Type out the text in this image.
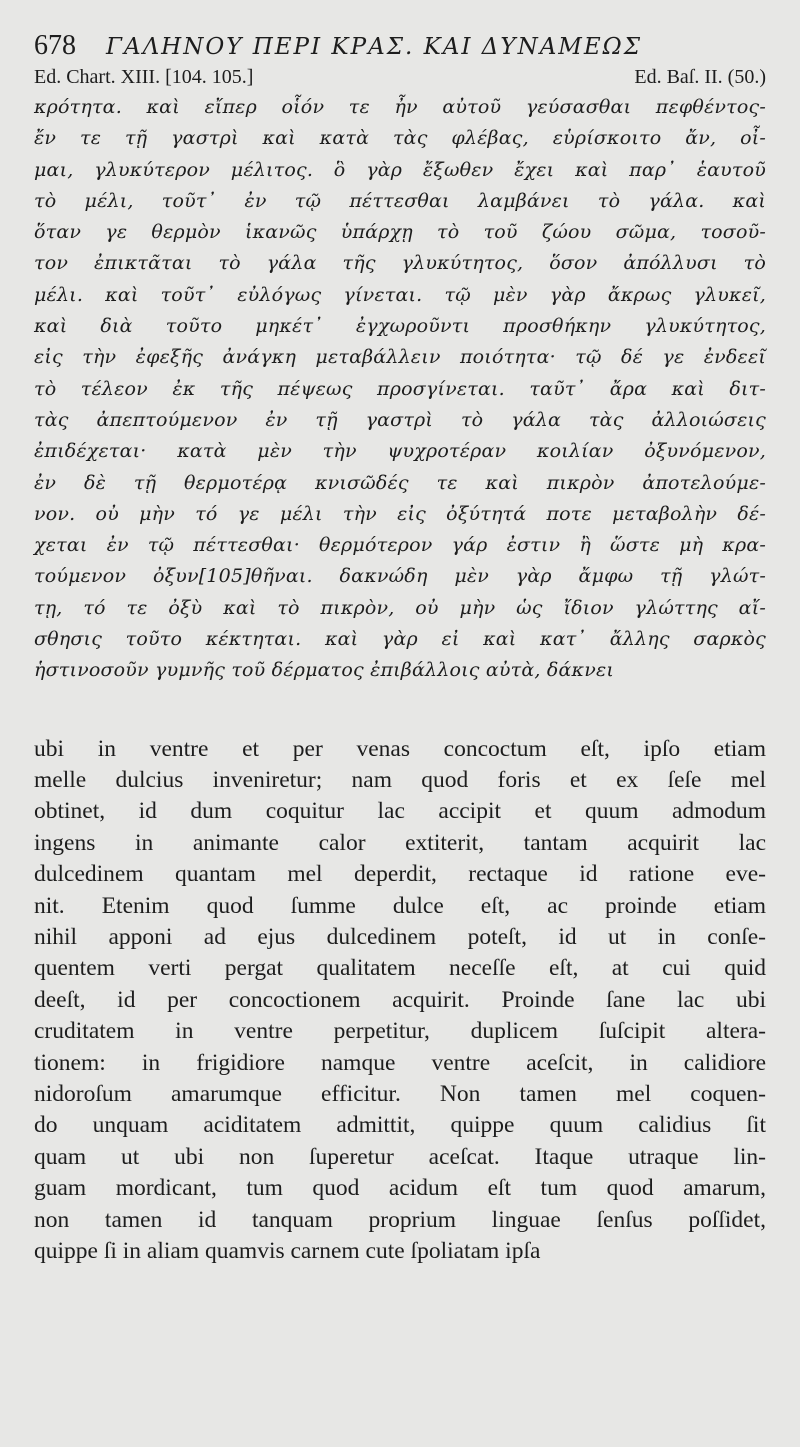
678 ΓΑΛΗΝΟΥ ΠΕΡΙ ΚΡΑΣ. ΚΑΙ ΔΥΝΑΜΕΩΣ
Ed. Chart. XIII. [104. 105.]	Ed. Baſ. II. (50.)
κρότητα. καὶ εἴπερ οἷόν τε ἦν αὐτοῦ γεύσασθαι πεφθέντος-
ἔν τε τῇ γαστρὶ καὶ κατὰ τὰς φλέβας, εὑρίσκοιτο ἄν, οἶ-
μαι, γλυκύτερον μέλιτος. ὃ γὰρ ἔξωθεν ἔχει καὶ παρ᾽ ἑαυτοῦ
τὸ μέλι, τοῦτ᾽ ἐν τῷ πέττεσθαι λαμβάνει τὸ γάλα. καὶ
ὅταν γε θερμὸν ἱκανῶς ὑπάρχῃ τὸ τοῦ ζώου σῶμα, τοσοῦ-
τον ἐπικτᾶται τὸ γάλα τῆς γλυκύτητος, ὅσον ἀπόλλυσι τὸ
μέλι. καὶ τοῦτ᾽ εὐλόγως γίνεται. τῷ μὲν γὰρ ἄκρως γλυκεῖ,
καὶ διὰ τοῦτο μηκέτ᾽ ἐγχωροῦντι προσθήκην γλυκύτητος,
εἰς τὴν ἐφεξῆς ἀνάγκη μεταβάλλειν ποιότητα· τῷ δέ γε ἐνδεεῖ
τὸ τέλεον ἐκ τῆς πέψεως προσγίνεται. ταῦτ᾽ ἄρα καὶ διτ-
τὰς ἀπεπτούμενον ἐν τῇ γαστρὶ τὸ γάλα τὰς ἀλλοιώσεις
ἐπιδέχεται· κατὰ μὲν τὴν ψυχροτέραν κοιλίαν ὀξυνόμενον,
ἐν δὲ τῇ θερμοτέρᾳ κνισῶδές τε καὶ πικρὸν ἀποτελούμε-
νον. οὐ μὴν τό γε μέλι τὴν εἰς ὀξύτητά ποτε μεταβολὴν δέ-
χεται ἐν τῷ πέττεσθαι· θερμότερον γάρ ἐστιν ἢ ὥστε μὴ κρα-
τούμενον ὀξυν[105]θῆναι. δακνώδη μὲν γὰρ ἄμφω τῇ γλώτ-
τῃ, τό τε ὀξὺ καὶ τὸ πικρὸν, οὐ μὴν ὡς ἴδιον γλώττης αἴ-
σθησις τοῦτο κέκτηται. καὶ γὰρ εἰ καὶ κατ᾽ ἄλλης σαρκὸς
ἡστινοσοῦν γυμνῆς τοῦ δέρματος ἐπιβάλλοις αὐτὰ, δάκνει
ubi in ventre et per venas concoctum eſt, ipſo etiam
melle dulcius inveniretur; nam quod foris et ex ſeſe mel
obtinet, id dum coquitur lac accipit et quum admodum
ingens in animante calor extiterit, tantam acquirit lac
dulcedinem quantam mel deperdit, rectaque id ratione eve-
nit. Etenim quod ſumme dulce eſt, ac proinde etiam
nihil apponi ad ejus dulcedinem poteſt, id ut in conſe-
quentem verti pergat qualitatem neceſſe eſt, at cui quid
deeſt, id per concoctionem acquirit. Proinde ſane lac ubi
cruditatem in ventre perpetitur, duplicem ſuſcipit altera-
tionem: in frigidiore namque ventre aceſcit, in calidiore
nidoroſum amarumque efficitur. Non tamen mel coquen-
do unquam aciditatem admittit, quippe quum calidius ſit
quam ut ubi non ſuperetur aceſcat. Itaque utraque lin-
guam mordicant, tum quod acidum eſt tum quod amarum,
non tamen id tanquam proprium linguae ſenſus poſſidet,
quippe ſi in aliam quamvis carnem cute ſpoliatam ipſa
